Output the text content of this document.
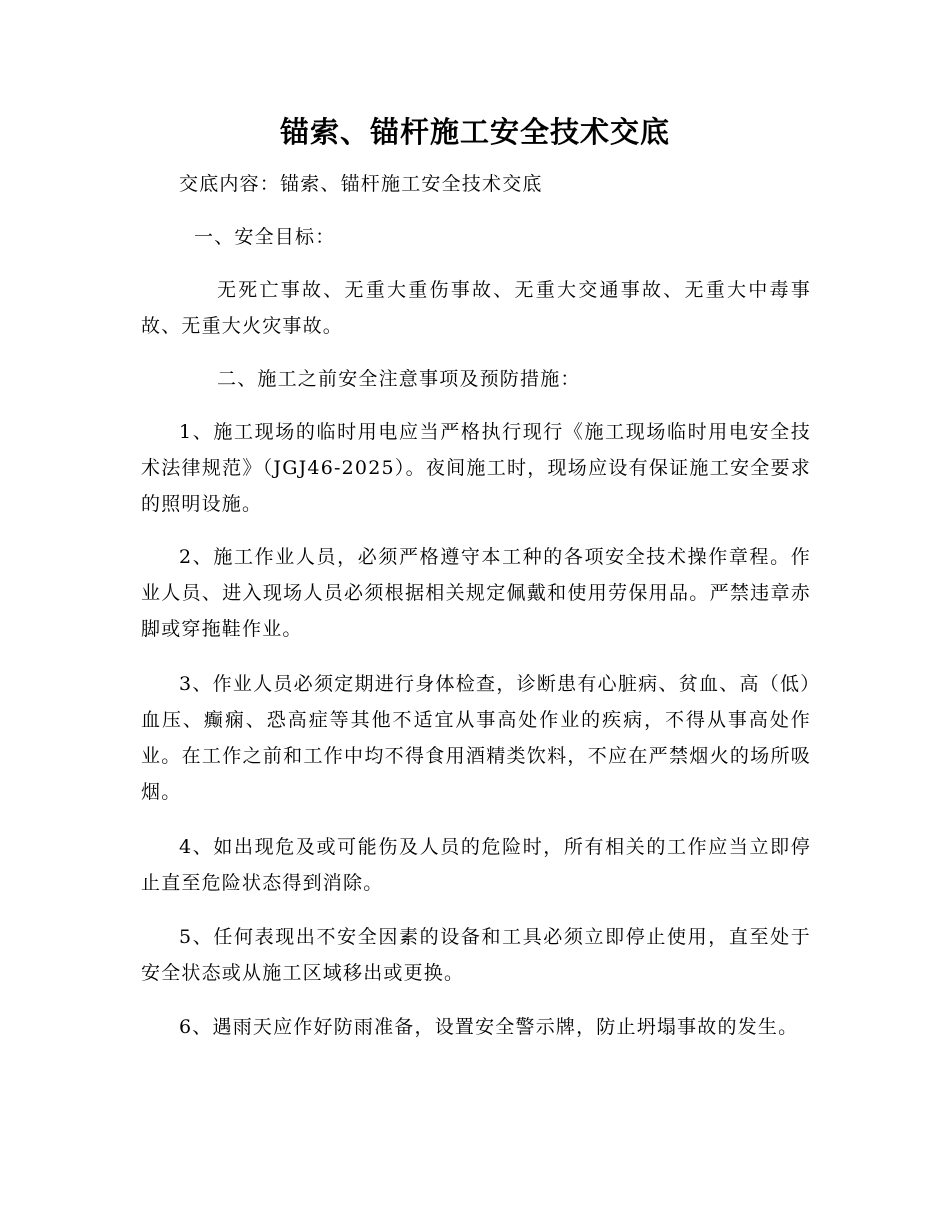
锚索、锚杆施工安全技术交底

交底内容：锚索、锚杆施工安全技术交底

一、安全目标：

无死亡事故、无重大重伤事故、无重大交通事故、无重大中毒事故、无重大火灾事故。

二、施工之前安全注意事项及预防措施：

1、施工现场的临时用电应当严格执行现行《施工现场临时用电安全技术法律规范》（JGJ46-2025）。夜间施工时，现场应设有保证施工安全要求的照明设施。

2、施工作业人员，必须严格遵守本工种的各项安全技术操作章程。作业人员、进入现场人员必须根据相关规定佩戴和使用劳保用品。严禁违章赤脚或穿拖鞋作业。

3、作业人员必须定期进行身体检查，诊断患有心脏病、贫血、高（低）血压、癫痫、恐高症等其他不适宜从事高处作业的疾病，不得从事高处作业。在工作之前和工作中均不得食用酒精类饮料，不应在严禁烟火的场所吸烟。

4、如出现危及或可能伤及人员的危险时，所有相关的工作应当立即停止直至危险状态得到消除。

5、任何表现出不安全因素的设备和工具必须立即停止使用，直至处于安全状态或从施工区域移出或更换。

6、遇雨天应作好防雨准备，设置安全警示牌，防止坍塌事故的发生。
